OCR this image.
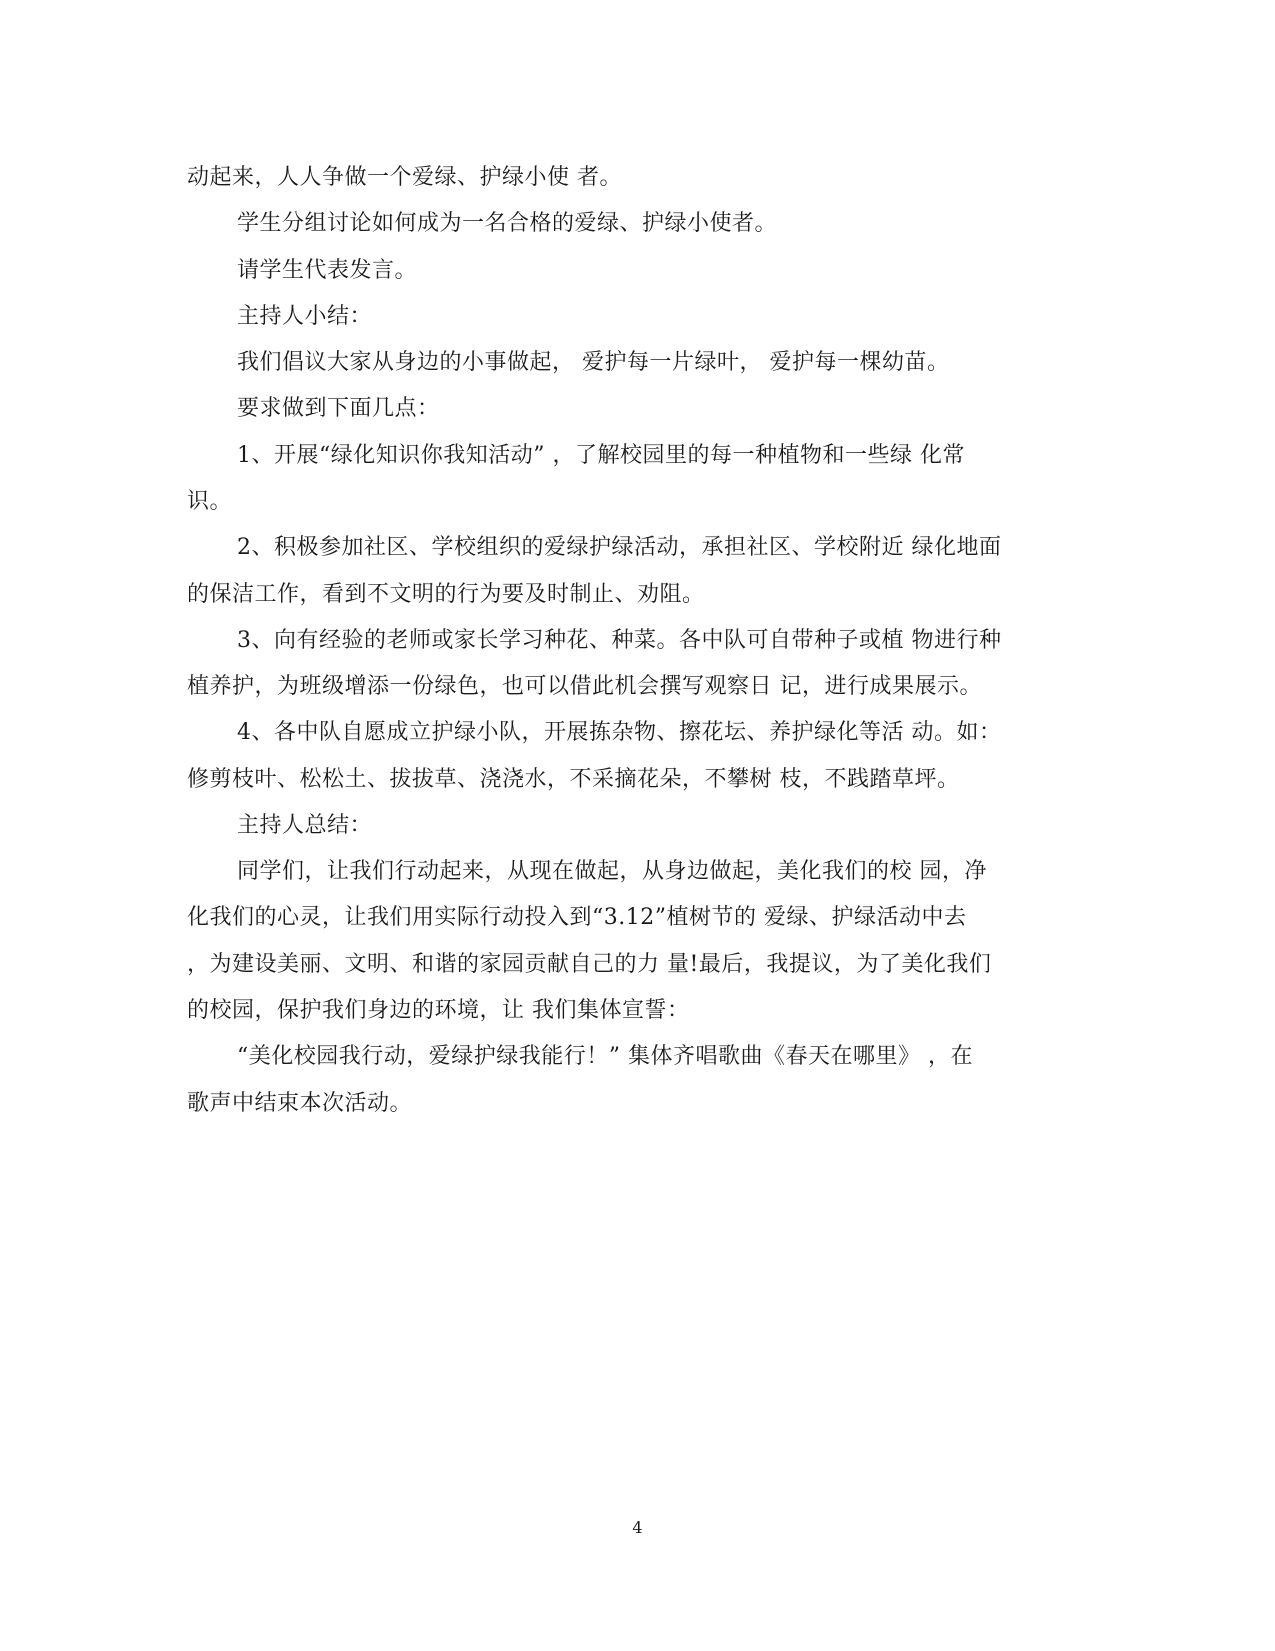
动起来，人人争做一个爱绿、护绿小使 者。
学生分组讨论如何成为一名合格的爱绿、护绿小使者。
请学生代表发言。
主持人小结：
我们倡议大家从身边的小事做起， 爱护每一片绿叶， 爱护每一棵幼苗。
要求做到下面几点：
1、开展“绿化知识你我知活动” ，了解校园里的每一种植物和一些绿 化常
识。
2、积极参加社区、学校组织的爱绿护绿活动，承担社区、学校附近 绿化地面
的保洁工作，看到不文明的行为要及时制止、劝阻。
3、向有经验的老师或家长学习种花、种菜。各中队可自带种子或植 物进行种
植养护，为班级增添一份绿色，也可以借此机会撰写观察日 记，进行成果展示。
4、各中队自愿成立护绿小队，开展拣杂物、擦花坛、养护绿化等活 动。如：
修剪枝叶、松松土、拔拔草、浇浇水，不采摘花朵，不攀树 枝，不践踏草坪。
主持人总结：
同学们，让我们行动起来，从现在做起，从身边做起，美化我们的校 园，净
化我们的心灵，让我们用实际行动投入到“3.12”植树节的 爱绿、护绿活动中去
，为建设美丽、文明、和谐的家园贡献自己的力 量!最后，我提议，为了美化我们
的校园，保护我们身边的环境，让 我们集体宣誓：
“美化校园我行动，爱绿护绿我能行！” 集体齐唱歌曲《春天在哪里》 ，在
歌声中结束本次活动。
4
